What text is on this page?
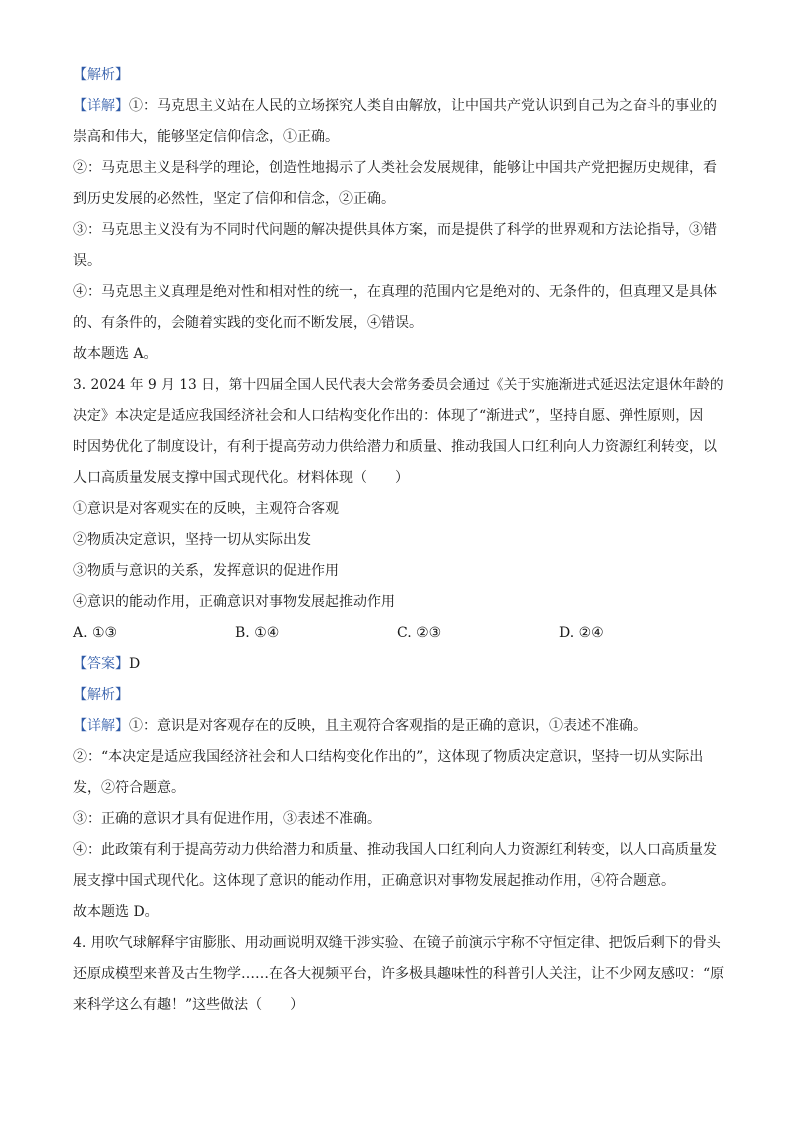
【解析】
【详解】①：马克思主义站在人民的立场探究人类自由解放，让中国共产党认识到自己为之奋斗的事业的
崇高和伟大，能够坚定信仰信念，①正确。
②：马克思主义是科学的理论，创造性地揭示了人类社会发展规律，能够让中国共产党把握历史规律，看
到历史发展的必然性，坚定了信仰和信念，②正确。
③：马克思主义没有为不同时代问题的解决提供具体方案，而是提供了科学的世界观和方法论指导，③错
误。
④：马克思主义真理是绝对性和相对性的统一，在真理的范围内它是绝对的、无条件的，但真理又是具体
的、有条件的，会随着实践的变化而不断发展，④错误。
故本题选 A。
3. 2024 年 9 月 13 日，第十四届全国人民代表大会常务委员会通过《关于实施渐进式延迟法定退休年龄的
决定》本决定是适应我国经济社会和人口结构变化作出的：体现了“渐进式”，坚持自愿、弹性原则，因
时因势优化了制度设计，有利于提高劳动力供给潜力和质量、推动我国人口红利向人力资源红利转变，以
人口高质量发展支撑中国式现代化。材料体现（　　）
①意识是对客观实在的反映，主观符合客观
②物质决定意识，坚持一切从实际出发
③物质与意识的关系，发挥意识的促进作用
④意识的能动作用，正确意识对事物发展起推动作用
A. ①③	B. ①④	C. ②③	D. ②④
【答案】D
【解析】
【详解】①：意识是对客观存在的反映，且主观符合客观指的是正确的意识，①表述不准确。
②：“本决定是适应我国经济社会和人口结构变化作出的”，这体现了物质决定意识，坚持一切从实际出
发，②符合题意。
③：正确的意识才具有促进作用，③表述不准确。
④：此政策有利于提高劳动力供给潜力和质量、推动我国人口红利向人力资源红利转变，以人口高质量发
展支撑中国式现代化。这体现了意识的能动作用，正确意识对事物发展起推动作用，④符合题意。
故本题选 D。
4. 用吹气球解释宇宙膨胀、用动画说明双缝干涉实验、在镜子前演示宇称不守恒定律、把饭后剩下的骨头
还原成模型来普及古生物学……在各大视频平台，许多极具趣味性的科普引人关注，让不少网友感叹：“原
来科学这么有趣！”这些做法（　　）
